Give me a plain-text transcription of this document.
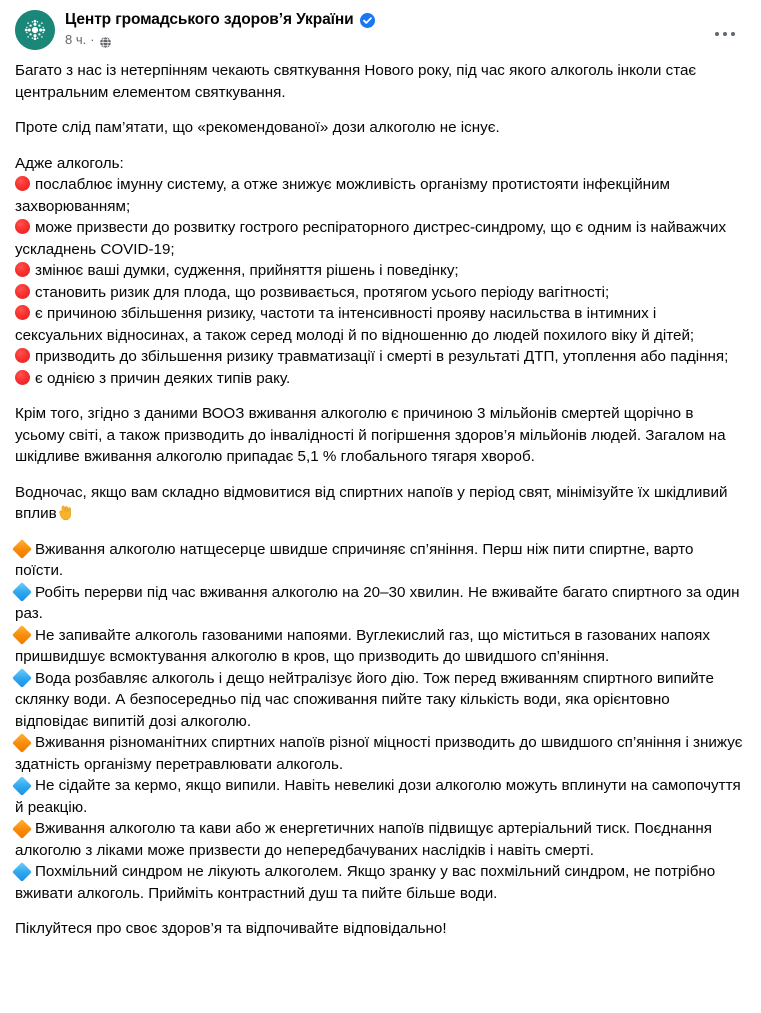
Центр громадського здоров’я України
8 ч. ·

Багато з нас із нетерпінням чекають святкування Нового року, під час якого алкоголь інколи стає центральним елементом святкування.

Проте слід пам’ятати, що «рекомендованої» дози алкоголю не існує.

Адже алкоголь:

послаблює імунну систему, а отже знижує можливість організму протистояти інфекційним захворюванням;
може призвести до розвитку гострого респіраторного дистрес-синдрому, що є одним із найважчих ускладнень COVID-19;
змінює ваші думки, судження, прийняття рішень і поведінку;
становить ризик для плода, що розвивається, протягом усього періоду вагітності;
є причиною збільшення ризику, частоти та інтенсивності прояву насильства в інтимних і сексуальних відносинах, а також серед молоді й по відношенню до людей похилого віку й дітей;
призводить до збільшення ризику травматизації і смерті в результаті ДТП, утоплення або падіння;
є однією з причин деяких типів раку.

Крім того, згідно з даними ВООЗ вживання алкоголю є причиною 3 мільйонів смертей щорічно в усьому світі, а також призводить до інвалідності й погіршення здоров’я мільйонів людей. Загалом на шкідливе вживання алкоголю припадає 5,1 % глобального тягаря хвороб.

Водночас, якщо вам складно відмовитися від спиртних напоїв у період свят, мінімізуйте їх шкідливий вплив

Вживання алкоголю натщесерце швидше спричиняє сп’яніння. Перш ніж пити спиртне, варто поїсти.
Робіть перерви під час вживання алкоголю на 20–30 хвилин. Не вживайте багато спиртного за один раз.
Не запивайте алкоголь газованими напоями. Вуглекислий газ, що міститься в газованих напоях пришвидшує всмоктування алкоголю в кров, що призводить до швидшого сп’яніння.
Вода розбавляє алкоголь і дещо нейтралізує його дію. Тож перед вживанням спиртного випийте склянку води. А безпосередньо під час споживання пийте таку кількість води, яка орієнтовно відповідає випитій дозі алкоголю.
Вживання різноманітних спиртних напоїв різної міцності призводить до швидшого сп’яніння і знижує здатність організму перетравлювати алкоголь.
Не сідайте за кермо, якщо випили. Навіть невеликі дози алкоголю можуть вплинути на самопочуття й реакцію.
Вживання алкоголю та кави або ж енергетичних напоїв підвищує артеріальний тиск. Поєднання алкоголю з ліками може призвести до непередбачуваних наслідків і навіть смерті.
Похмільний синдром не лікують алкоголем. Якщо зранку у вас похмільний синдром, не потрібно вживати алкоголь. Прийміть контрастний душ та пийте більше води.

Піклуйтеся про своє здоров’я та відпочивайте відповідально!
